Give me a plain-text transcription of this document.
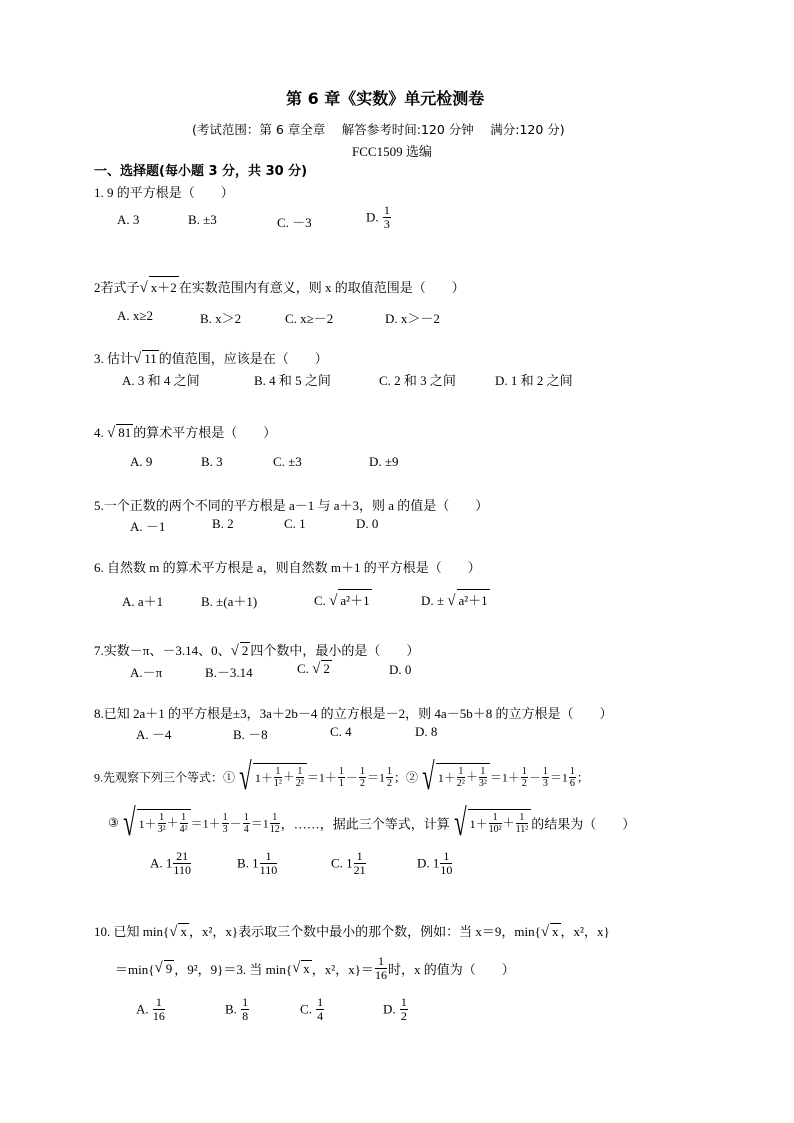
第 6 章《实数》单元检测卷
(考试范围：第 6 章全章　 解答参考时间:120 分钟　 满分:120 分)
FCC1509 选编
一、选择题(每小题 3 分，共 30 分)
1. 9 的平方根是（　　）
A. 3	B. ±3	C. －3	D. $\frac{1}{3}$
2若式子√ x＋2 在实数范围内有意义，则 x 的取值范围是（　　）
A. x≥2	B. x＞2	C. x≥－2	D. x＞－2
3. 估计√ 11 的值范围，应该是在（　　）
A. 3 和 4 之间	B. 4 和 5 之间	C. 2 和 3 之间	D. 1 和 2 之间
4. √ 81 的算术平方根是（　　）
A. 9	B. 3	C. ±3	D. ±9
5.一个正数的两个不同的平方根是 a－1 与 a＋3，则 a 的值是（　　）
A. －1	B. 2	C. 1	D. 0
6. 自然数 m 的算术平方根是 a，则自然数 m＋1 的平方根是（　　）
A. a＋1	B. ±(a＋1)	C. √ a²＋1	D. ± √ a²＋1
7.实数－π、－3.14、0、√ 2 四个数中，最小的是（　　）
A.－π	B.－3.14	C. √ 2	D. 0
8.已知 2a＋1 的平方根是±3，3a＋2b－4 的立方根是－2，则 4a－5b＋8 的立方根是（　　）
A. －4	B. －8	C. 4	D. 8
9.先观察下列三个等式：① √ $1+ \frac{1}{\text{1²}} + \frac{1}{\text{2²}} =1+ \frac{1}{1} - \frac{1}{2} =1 \frac{1}{2}$ ；② √ $1+ \frac{1}{\text{2²}} + \frac{1}{\text{3²}} =1+ \frac{1}{2} - \frac{1}{3} =1 \frac{1}{6}$ ；
③ √ $1+ \frac{1}{\text{3²}} + \frac{1}{\text{4²}} =1+ \frac{1}{3} - \frac{1}{4} =1 \frac{1}{12}$ ，……，据此三个等式，计算 √ $1+ \frac{1}{\text{10²}} + \frac{1}{\text{11²}}$ 的结果为（　　）
A. $1 \frac{21}{110}$	B. $1 \frac{1}{110}$	C. $1 \frac{1}{21}$	D. $1 \frac{1}{10}$
10. 已知 min{√ x ，x²，x}表示取三个数中最小的那个数，例如：当 x＝9，min{√ x ，x²，x}
＝min{√ 9 ，9²，9}＝3. 当 min{√ x ，x²，$x\}= \frac{1}{16}$ 时，x 的值为（　　）
A. $\frac{1}{16}$	B. $\frac{1}{8}$	C. $\frac{1}{4}$	D. $\frac{1}{2}$
